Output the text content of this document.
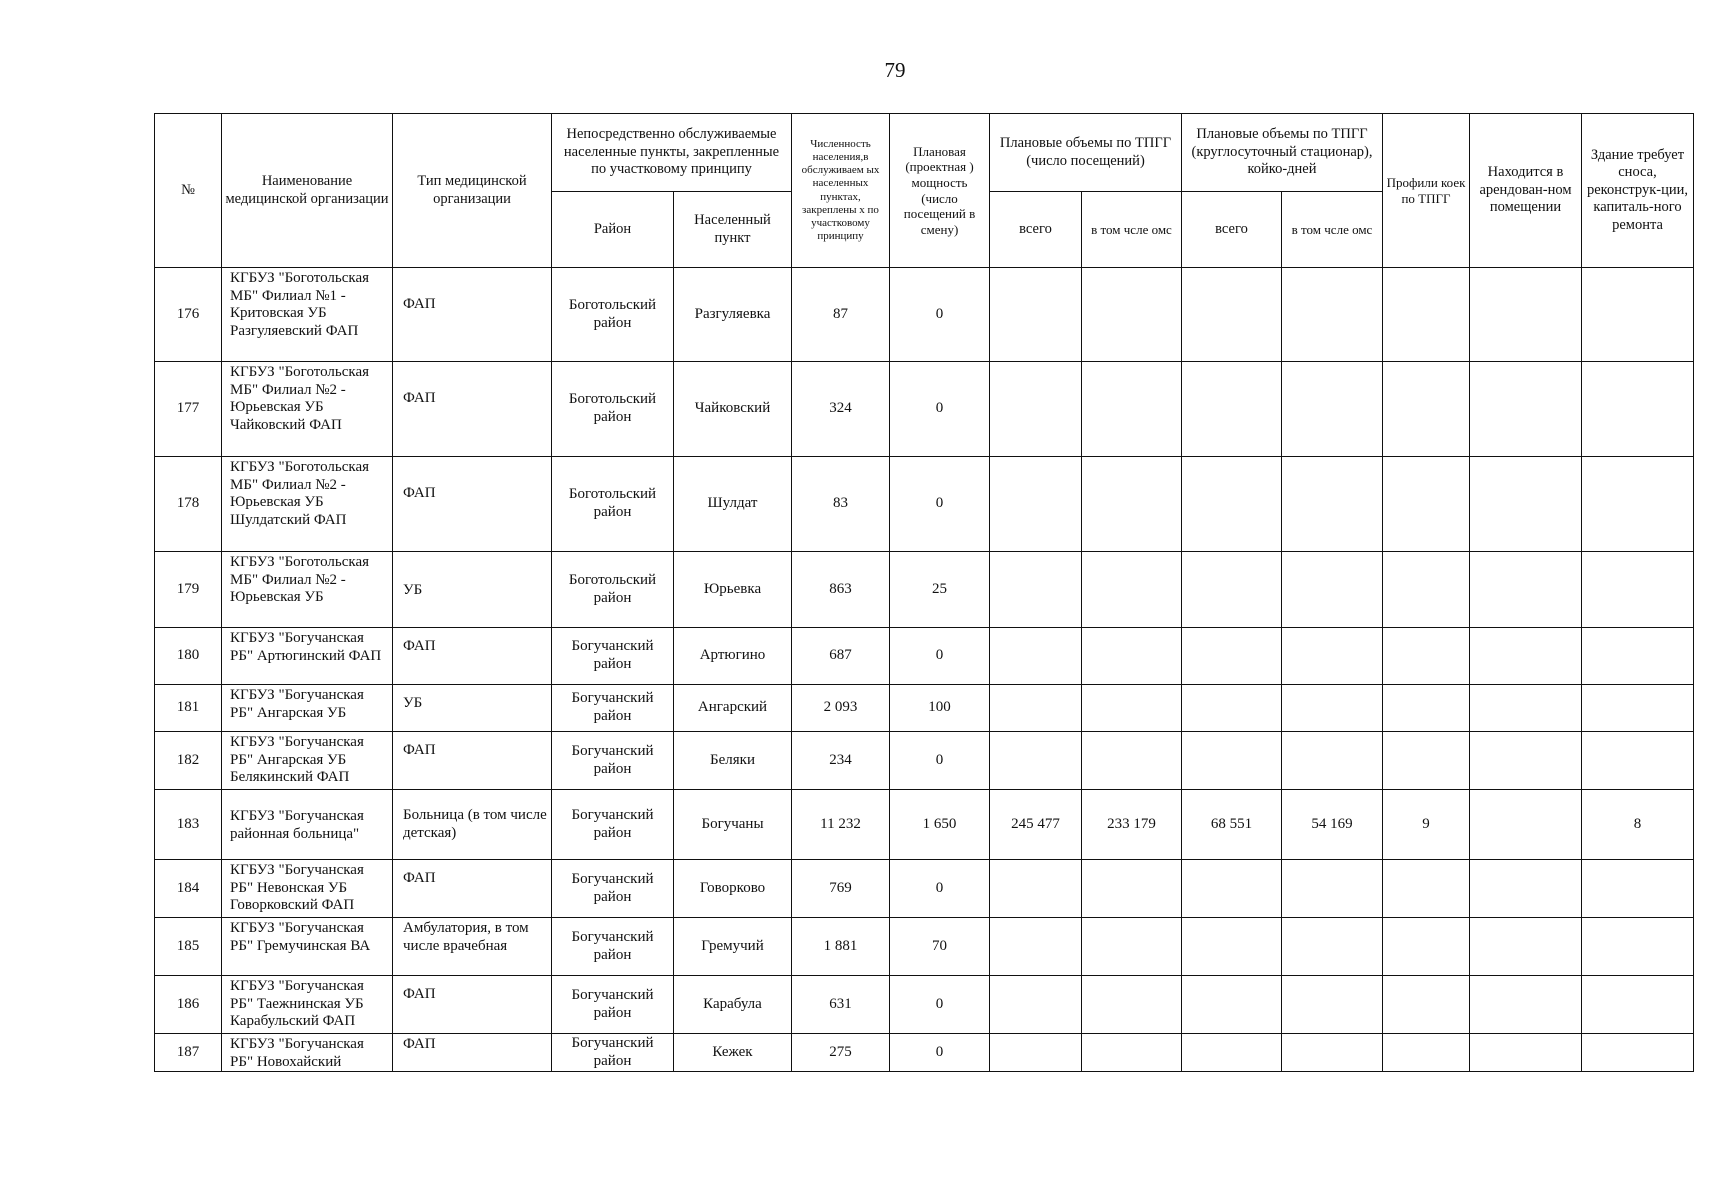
79
№	Наименование медицинской организации	Тип медицинской организации	Непосредственно обслуживаемые населенные пункты, закрепленные по участковому принципу		Численность населения,в обслуживаем ых населенных пунктах, закреплены х по участковому принципу	Плановая (проектная ) мощность (число посещений в смену)	Плановые объемы по ТПГГ (число посещений)		Плановые объемы по ТПГГ (круглосуточный стационар), койко-дней		Профили коек по ТПГГ	Находится в арендован-ном помещении	Здание требует сноса, реконструк-ции, капиталь-ного ремонта
			Район	Населенный пункт			всего	в том чсле омс	всего	в том чсле омс			
176	КГБУЗ "Боготольская МБ" Филиал №1 - Критовская УБ Разгуляевский ФАП	ФАП	Боготольский район	Разгуляевка	87	0							
177	КГБУЗ "Боготольская МБ" Филиал №2 - Юрьевская УБ Чайковский ФАП	ФАП	Боготольский район	Чайковский	324	0							
178	КГБУЗ "Боготольская МБ" Филиал №2 - Юрьевская УБ Шулдатский ФАП	ФАП	Боготольский район	Шулдат	83	0							
179	КГБУЗ "Боготольская МБ" Филиал №2 - Юрьевская УБ	УБ	Боготольский район	Юрьевка	863	25							
180	КГБУЗ "Богучанская РБ" Артюгинский ФАП	ФАП	Богучанский район	Артюгино	687	0							
181	КГБУЗ "Богучанская РБ" Ангарская УБ	УБ	Богучанский район	Ангарский	2 093	100							
182	КГБУЗ "Богучанская РБ" Ангарская УБ Белякинский ФАП	ФАП	Богучанский район	Беляки	234	0							
183	КГБУЗ "Богучанская районная больница"	Больница (в том числе детская)	Богучанский район	Богучаны	11 232	1 650	245 477	233 179	68 551	54 169	9		8
184	КГБУЗ "Богучанская РБ" Невонская УБ Говорковский ФАП	ФАП	Богучанский район	Говорково	769	0							
185	КГБУЗ "Богучанская РБ" Гремучинская ВА	Амбулатория, в том числе врачебная	Богучанский район	Гремучий	1 881	70							
186	КГБУЗ "Богучанская РБ" Таежнинская УБ Карабульский ФАП	ФАП	Богучанский район	Карабула	631	0							
187	КГБУЗ "Богучанская РБ" Новохайский	ФАП	Богучанский район	Кежек	275	0							
